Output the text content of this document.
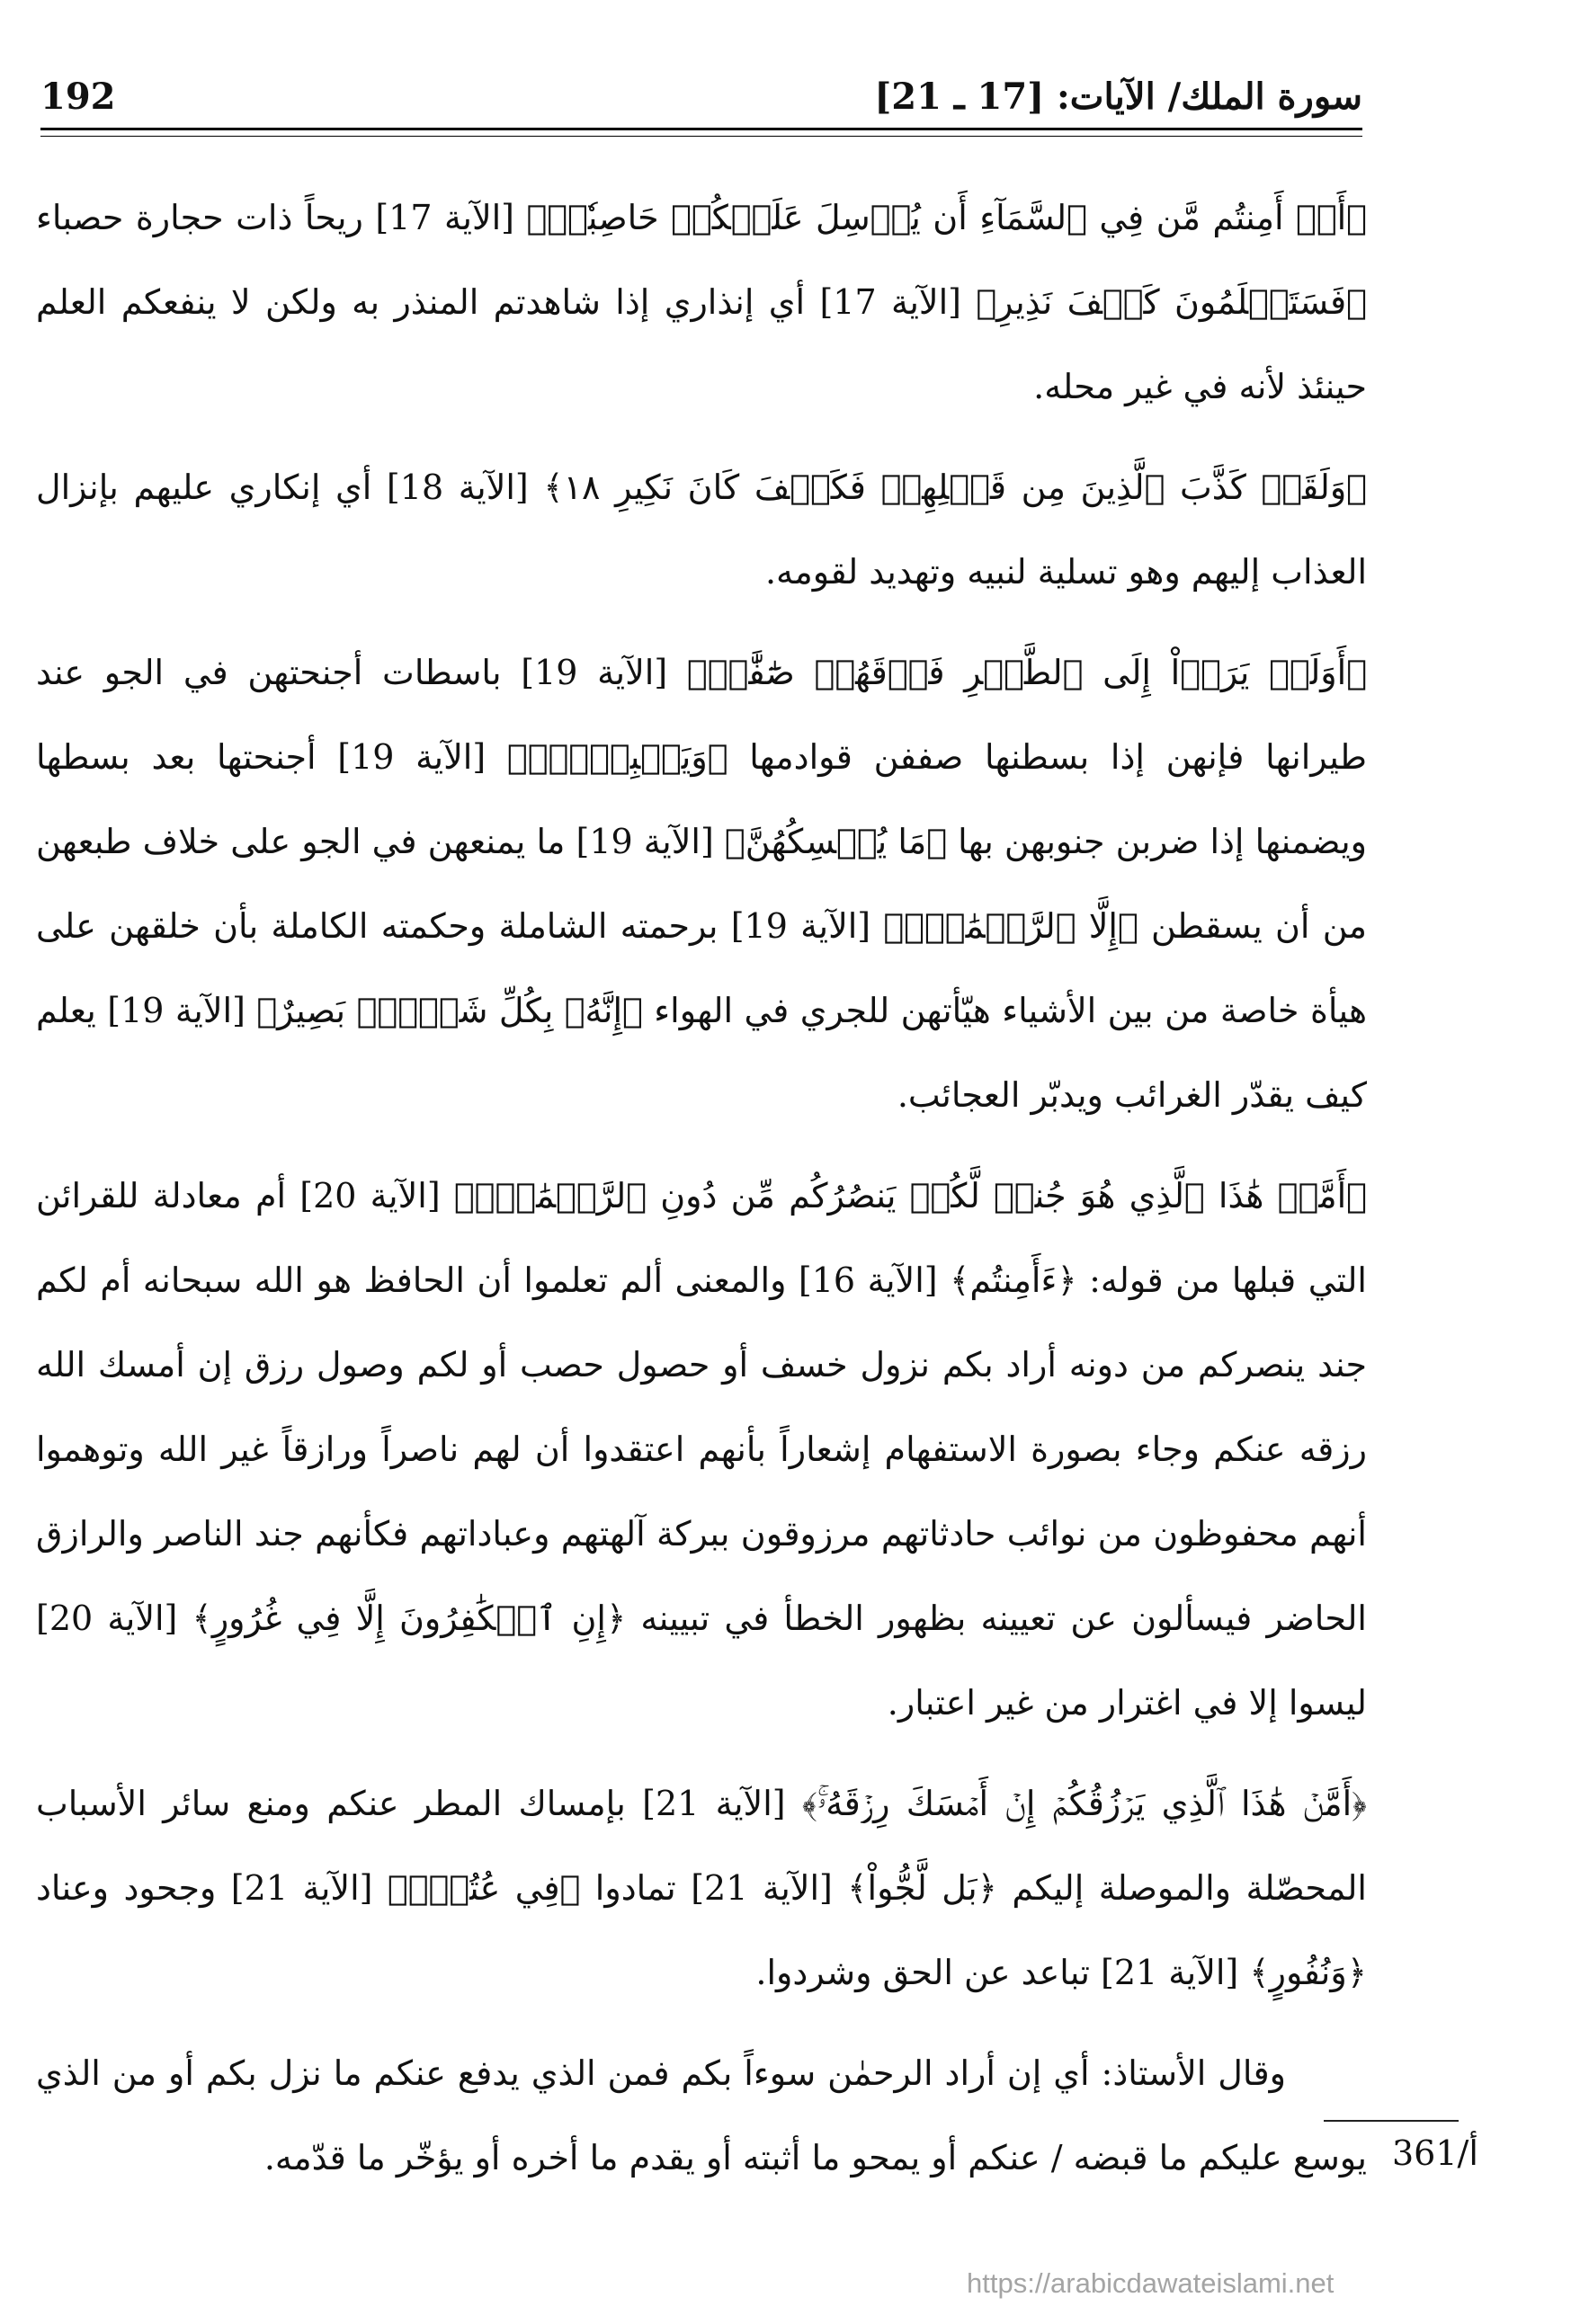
سورة الملك/ الآيات: [17 ـ 21]
192

﴿أَمۡ أَمِنتُم مَّن فِي ٱلسَّمَآءِ أَن يُرۡسِلَ عَلَيۡكُمۡ حَاصِبٗاۖ﴾ [الآية 17] ريحاً ذات حجارة حصباء ﴿فَسَتَعۡلَمُونَ كَيۡفَ نَذِيرِ﴾ [الآية 17] أي إنذاري إذا شاهدتم المنذر به ولكن لا ينفعكم العلم حينئذ لأنه في غير محله.

﴿وَلَقَدۡ كَذَّبَ ٱلَّذِينَ مِن قَبۡلِهِمۡ فَكَيۡفَ كَانَ نَكِيرِ ١٨﴾ [الآية 18] أي إنكاري عليهم بإنزال العذاب إليهم وهو تسلية لنبيه وتهديد لقومه.

﴿أَوَلَمۡ يَرَوۡاْ إِلَى ٱلطَّيۡرِ فَوۡقَهُمۡ صَٰٓفَّٰتٖ﴾ [الآية 19] باسطات أجنحتهن في الجو عند طيرانها فإنهن إذا بسطنها صففن قوادمها ﴿وَيَقۡبِضۡنَۚ﴾ [الآية 19] أجنحتها بعد بسطها ويضمنها إذا ضربن جنوبهن بها ﴿مَا يُمۡسِكُهُنَّ﴾ [الآية 19] ما يمنعهن في الجو على خلاف طبعهن من أن يسقطن ﴿إِلَّا ٱلرَّحۡمَٰنُۚ﴾ [الآية 19] برحمته الشاملة وحكمته الكاملة بأن خلقهن على هيأة خاصة من بين الأشياء هيّأتهن للجري في الهواء ﴿إِنَّهُۥ بِكُلِّ شَيۡءِۭ بَصِيرٌ﴾ [الآية 19] يعلم كيف يقدّر الغرائب ويدبّر العجائب.

﴿أَمَّنۡ هَٰذَا ٱلَّذِي هُوَ جُندٞ لَّكُمۡ يَنصُرُكُم مِّن دُونِ ٱلرَّحۡمَٰنِۚ﴾ [الآية 20] أم معادلة للقرائن التي قبلها من قوله: ﴿ءَأَمِنتُم﴾ [الآية 16] والمعنى ألم تعلموا أن الحافظ هو الله سبحانه أم لكم جند ينصركم من دونه أراد بكم نزول خسف أو حصول حصب أو لكم وصول رزق إن أمسك الله رزقه عنكم وجاء بصورة الاستفهام إشعاراً بأنهم اعتقدوا أن لهم ناصراً ورازقاً غير الله وتوهموا أنهم محفوظون من نوائب حادثاتهم مرزوقون ببركة آلهتهم وعباداتهم فكأنهم جند الناصر والرازق الحاضر فيسألون عن تعيينه بظهور الخطأ في تبيينه ﴿إِنِ ٱلۡكَٰفِرُونَ إِلَّا فِي غُرُورٍ﴾ [الآية 20] ليسوا إلا في اغترار من غير اعتبار.

﴿أَمَّنۡ هَٰذَا ٱلَّذِي يَرۡزُقُكُمۡ إِنۡ أَمۡسَكَ رِزۡقَهُۥۚ﴾ [الآية 21] بإمساك المطر عنكم ومنع سائر الأسباب المحصّلة والموصلة إليكم ﴿بَل لَّجُّواْ﴾ [الآية 21] تمادوا ﴿فِي عُتُوّٖ﴾ [الآية 21] وجحود وعناد ﴿وَنُفُورٍ﴾ [الآية 21] تباعد عن الحق وشردوا.

وقال الأستاذ: أي إن أراد الرحمٰن سوءاً بكم فمن الذي يدفع عنكم ما نزل بكم أو من الذي يوسع عليكم ما قبضه / عنكم أو يمحو ما أثبته أو يقدم ما أخره أو يؤخّر ما قدّمه. 361/أ
https://arabicdawateislami.net
